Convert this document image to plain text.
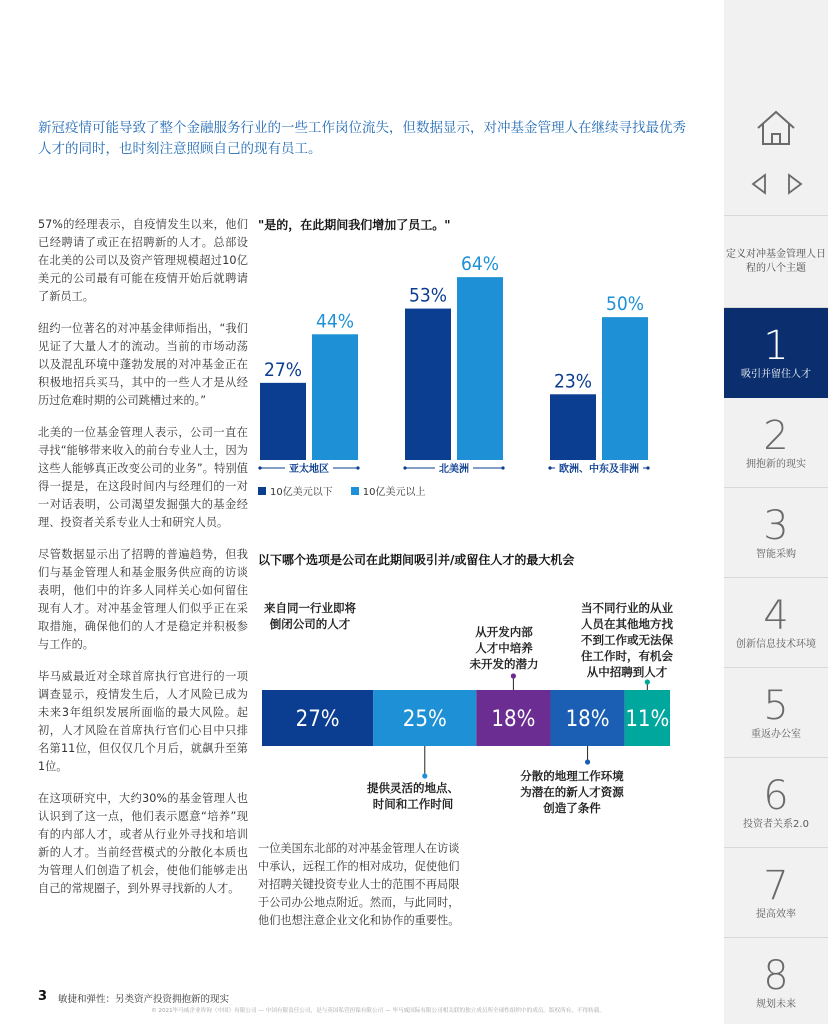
定义对冲基金管理人日程的八个主题
1
吸引并留住人才
2
拥抱新的现实
3
智能采购
4
创新信息技术环境
5
重返办公室
6
投资者关系2.0
7
提高效率
8
规划未来
新冠疫情可能导致了整个金融服务行业的一些工作岗位流失，但数据显示，对冲基金管理人在继续寻找最优秀人才的同时，也时刻注意照顾自己的现有员工。

57%的经理表示，自疫情发生以来，他们已经聘请了或正在招聘新的人才。总部设在北美的公司以及资产管理规模超过10亿美元的公司最有可能在疫情开始后就聘请了新员工。

纽约一位著名的对冲基金律师指出，“我们见证了大量人才的流动。当前的市场动荡以及混乱环境中蓬勃发展的对冲基金正在积极地招兵买马，其中的一些人才是从经历过危难时期的公司跳槽过来的。”

北美的一位基金管理人表示，公司一直在寻找“能够带来收入的前台专业人士，因为这些人能够真正改变公司的业务”。特别值得一提是，在这段时间内与经理们的一对一对话表明，公司渴望发掘强大的基金经理、投资者关系专业人士和研究人员。

尽管数据显示出了招聘的普遍趋势，但我们与基金管理人和基金服务供应商的访谈表明，他们中的许多人同样关心如何留住现有人才。对冲基金管理人们似乎正在采取措施，确保他们的人才是稳定并积极参与工作的。

毕马威最近对全球首席执行官进行的一项调查显示，疫情发生后，人才风险已成为未来3年组织发展所面临的最大风险。起初，人才风险在首席执行官们心目中只排名第11位，但仅仅几个月后，就飙升至第1位。

在这项研究中，大约30%的基金管理人也认识到了这一点，他们表示愿意“培养”现有的内部人才，或者从行业外寻找和培训新的人才。当前经营模式的分散化本质也为管理人们创造了机会，使他们能够走出自己的常规圈子，到外界寻找新的人才。

"是的，在此期间我们增加了员工。"
27%
44%
亚太地区
53%
64%
北美洲
23%
50%
欧洲、中东及非洲
10亿美元以下	10亿美元以上
以下哪个选项是公司在此期间吸引并/或留住人才的最大机会
27%	25% 18% 18% 11%
来自同一行业即将
倒闭公司的人才
提供灵活的地点、
时间和工作时间
从开发内部
人才中培养
未开发的潜力
分散的地理工作环境
为潜在的新人才资源
创造了条件
当不同行业的从业
人员在其他地方找
不到工作或无法保
住工作时，有机会
从中招聘到人才
一位美国东北部的对冲基金管理人在访谈中承认，远程工作的相对成功，促使他们对招聘关键投资专业人士的范围不再局限于公司办公地点附近。然而，与此同时，他们也想注意企业文化和协作的重要性。
3 敏捷和弹性：另类资产投资拥抱新的现实
© 2021毕马威企业咨询（中国）有限公司 — 中国有限责任公司，是与英国私营担保有限公司 — 毕马威国际有限公司相关联的独立成员所全球性组织中的成员。版权所有，不得转载。
